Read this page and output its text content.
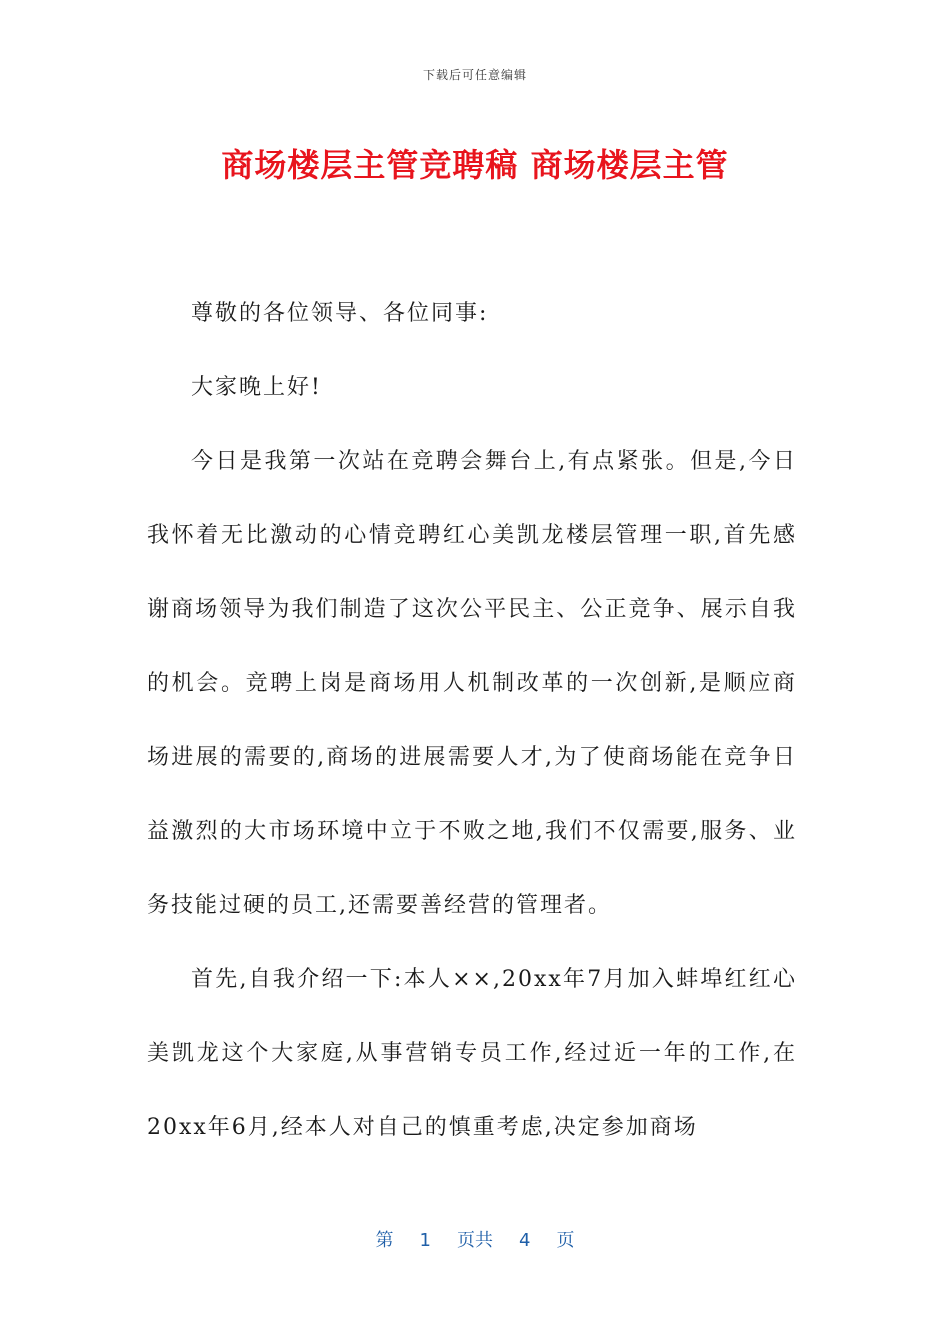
下载后可任意编辑
商场楼层主管竞聘稿 商场楼层主管

尊敬的各位领导、各位同事:

大家晚上好!

今日是我第一次站在竞聘会舞台上,有点紧张。但是,今日我怀着无比激动的心情竞聘红心美凯龙楼层管理一职,首先感谢商场领导为我们制造了这次公平民主、公正竞争、展示自我的机会。竞聘上岗是商场用人机制改革的一次创新,是顺应商场进展的需要的,商场的进展需要人才,为了使商场能在竞争日益激烈的大市场环境中立于不败之地,我们不仅需要,服务、业务技能过硬的员工,还需要善经营的管理者。

首先,自我介绍一下:本人××,20xx年7月加入蚌埠红红心美凯龙这个大家庭,从事营销专员工作,经过近一年的工作,在20xx年6月,经本人对自己的慎重考虑,决定参加商场

第 1 页共 4 页
